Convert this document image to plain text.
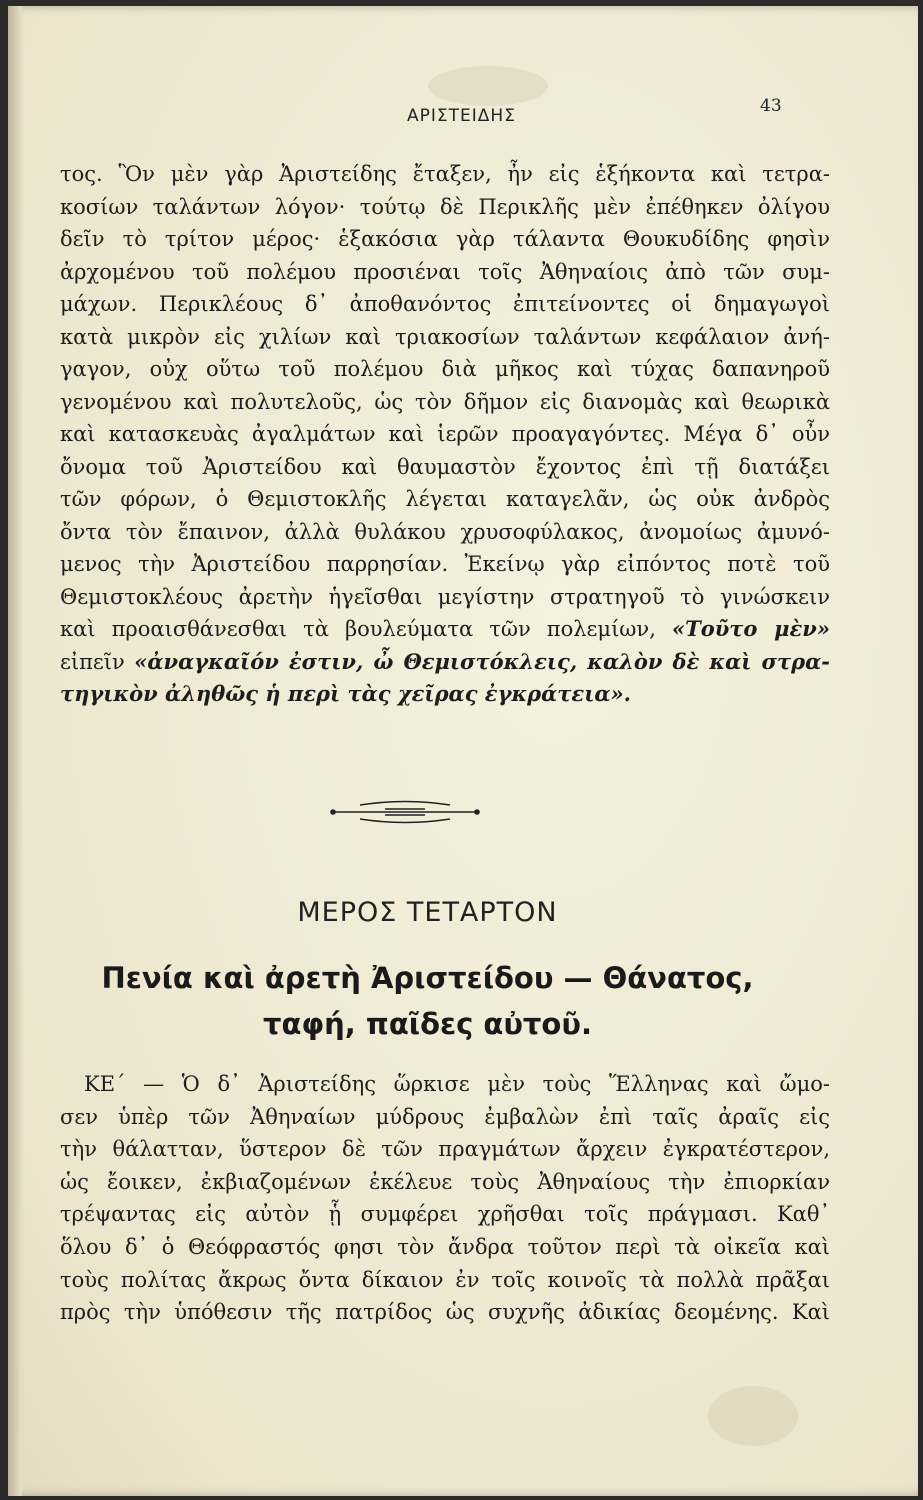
ΑΡΙΣΤΕΙΔΗΣ	43
τος. Ὃν μὲν γὰρ Ἀριστείδης ἔταξεν, ἦν εἰς ἑξήκοντα καὶ τετρα-
κοσίων ταλάντων λόγον· τούτῳ δὲ Περικλῆς μὲν ἐπέθηκεν ὀλίγου
δεῖν τὸ τρίτον μέρος· ἑξακόσια γὰρ τάλαντα Θουκυδίδης φησὶν
ἀρχομένου τοῦ πολέμου προσιέναι τοῖς Ἀθηναίοις ἀπὸ τῶν συμ-
μάχων. Περικλέους δ᾽ ἀποθανόντος ἐπιτείνοντες οἱ δημαγωγοὶ
κατὰ μικρὸν εἰς χιλίων καὶ τριακοσίων ταλάντων κεφάλαιον ἀνή-
γαγον, οὐχ οὕτω τοῦ πολέμου διὰ μῆκος καὶ τύχας δαπανηροῦ
γενομένου καὶ πολυτελοῦς, ὡς τὸν δῆμον εἰς διανομὰς καὶ θεωρικὰ
καὶ κατασκευὰς ἀγαλμάτων καὶ ἱερῶν προαγαγόντες. Μέγα δ᾽ οὖν
ὄνομα τοῦ Ἀριστείδου καὶ θαυμαστὸν ἔχοντος ἐπὶ τῇ διατάξει
τῶν φόρων, ὁ Θεμιστοκλῆς λέγεται καταγελᾶν, ὡς οὐκ ἀνδρὸς
ὄντα τὸν ἔπαινον, ἀλλὰ θυλάκου χρυσοφύλακος, ἀνομοίως ἀμυνό-
μενος τὴν Ἀριστείδου παρρησίαν. Ἐκείνῳ γὰρ εἰπόντος ποτὲ τοῦ
Θεμιστοκλέους ἀρετὴν ἡγεῖσθαι μεγίστην στρατηγοῦ τὸ γινώσκειν
καὶ προαισθάνεσθαι τὰ βουλεύματα τῶν πολεμίων, «Τοῦτο μὲν»
εἰπεῖν «ἀναγκαῖόν ἐστιν, ὦ Θεμιστόκλεις, καλὸν δὲ καὶ στρα-
τηγικὸν ἀληθῶς ἡ περὶ τὰς χεῖρας ἐγκράτεια».
ΜΕΡΟΣ ΤΕΤΑΡΤΟΝ
Πενία καὶ ἀρετὴ Ἀριστείδου — Θάνατος,
ταφή, παῖδες αὐτοῦ.
ΚΕ΄ — Ὁ δ᾽ Ἀριστείδης ὥρκισε μὲν τοὺς Ἕλληνας καὶ ὤμο-
σεν ὑπὲρ τῶν Ἀθηναίων μύδρους ἐμβαλὼν ἐπὶ ταῖς ἀραῖς εἰς
τὴν θάλατταν, ὕστερον δὲ τῶν πραγμάτων ἄρχειν ἐγκρατέστερον,
ὡς ἔοικεν, ἐκβιαζομένων ἐκέλευε τοὺς Ἀθηναίους τὴν ἐπιορκίαν
τρέψαντας εἰς αὐτὸν ᾗ συμφέρει χρῆσθαι τοῖς πράγμασι. Καθ᾽
ὅλου δ᾽ ὁ Θεόφραστός φησι τὸν ἄνδρα τοῦτον περὶ τὰ οἰκεῖα καὶ
τοὺς πολίτας ἄκρως ὄντα δίκαιον ἐν τοῖς κοινοῖς τὰ πολλὰ πρᾶξαι
πρὸς τὴν ὑπόθεσιν τῆς πατρίδος ὡς συχνῆς ἀδικίας δεομένης. Καὶ
